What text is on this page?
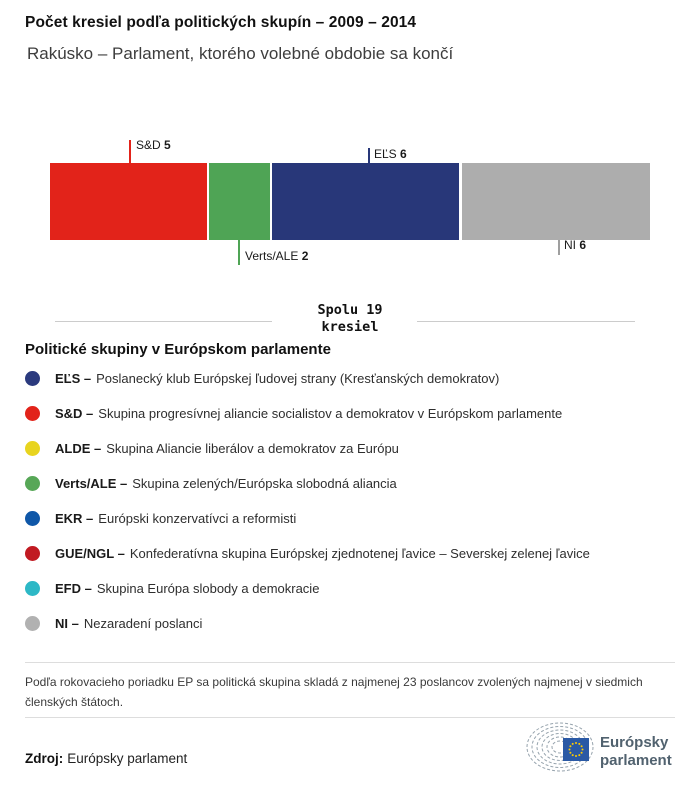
Počet kresiel podľa politických skupín – 2009 – 2014
Rakúsko – Parlament, ktorého volebné obdobie sa končí
S&D 5
EĽS 6
Verts/ALE 2
NI 6
Spolu 19
kresiel
Politické skupiny v Európskom parlamente
EĽS – Poslanecký klub Európskej ľudovej strany (Kresťanských demokratov)
S&D – Skupina progresívnej aliancie socialistov a demokratov v Európskom parlamente
ALDE – Skupina Aliancie liberálov a demokratov za Európu
Verts/ALE – Skupina zelených/Európska slobodná aliancia
EKR – Európski konzervatívci a reformisti
GUE/NGL – Konfederatívna skupina Európskej zjednotenej ľavice – Severskej zelenej ľavice
EFD – Skupina Európa slobody a demokracie
NI – Nezaradení poslanci
Podľa rokovacieho poriadku EP sa politická skupina skladá z najmenej 23 poslancov zvolených najmenej v siedmich členských štátoch.
Zdroj: Európsky parlament
Európsky
parlament
